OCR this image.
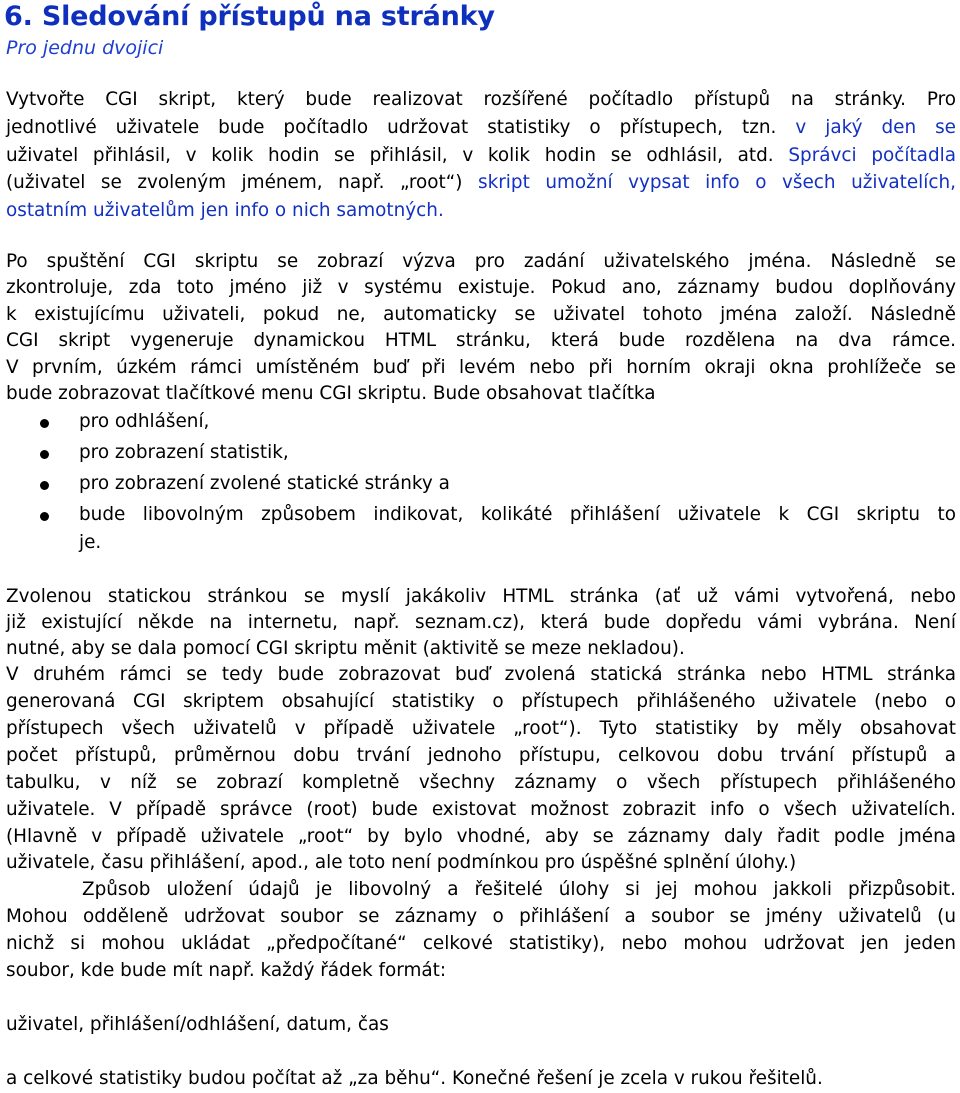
6. Sledování přístupů na stránky
Pro jednu dvojici
Vytvořte CGI skript, který bude realizovat rozšířené počítadlo přístupů na stránky. Pro
jednotlivé uživatele bude počítadlo udržovat statistiky o přístupech, tzn. v jaký den se
uživatel přihlásil, v kolik hodin se přihlásil, v kolik hodin se odhlásil, atd. Správci počítadla
(uživatel se zvoleným jménem, např. „root“) skript umožní vypsat info o všech uživatelích,
ostatním uživatelům jen info o nich samotných.
Po spuštění CGI skriptu se zobrazí výzva pro zadání uživatelského jména. Následně se
zkontroluje, zda toto jméno již v systému existuje. Pokud ano, záznamy budou doplňovány
k existujícímu uživateli, pokud ne, automaticky se uživatel tohoto jména založí. Následně
CGI skript vygeneruje dynamickou HTML stránku, která bude rozdělena na dva rámce.
V prvním, úzkém rámci umístěném buď při levém nebo při horním okraji okna prohlížeče se
bude zobrazovat tlačítkové menu CGI skriptu. Bude obsahovat tlačítka
pro odhlášení,
pro zobrazení statistik,
pro zobrazení zvolené statické stránky a
bude libovolným způsobem indikovat, kolikáté přihlášení uživatele k CGI skriptu to
je.
Zvolenou statickou stránkou se myslí jakákoliv HTML stránka (ať už vámi vytvořená, nebo
již existující někde na internetu, např. seznam.cz), která bude dopředu vámi vybrána. Není
nutné, aby se dala pomocí CGI skriptu měnit (aktivitě se meze nekladou).
V druhém rámci se tedy bude zobrazovat buď zvolená statická stránka nebo HTML stránka
generovaná CGI skriptem obsahující statistiky o přístupech přihlášeného uživatele (nebo o
přístupech všech uživatelů v případě uživatele „root“). Tyto statistiky by měly obsahovat
počet přístupů, průměrnou dobu trvání jednoho přístupu, celkovou dobu trvání přístupů a
tabulku, v níž se zobrazí kompletně všechny záznamy o všech přístupech přihlášeného
uživatele. V případě správce (root) bude existovat možnost zobrazit info o všech uživatelích.
(Hlavně v případě uživatele „root“ by bylo vhodné, aby se záznamy daly řadit podle jména
uživatele, času přihlášení, apod., ale toto není podmínkou pro úspěšné splnění úlohy.)
Způsob uložení údajů je libovolný a řešitelé úlohy si jej mohou jakkoli přizpůsobit.
Mohou odděleně udržovat soubor se záznamy o přihlášení a soubor se jmény uživatelů (u
nichž si mohou ukládat „předpočítané“ celkové statistiky), nebo mohou udržovat jen jeden
soubor, kde bude mít např. každý řádek formát:
uživatel, přihlášení/odhlášení, datum, čas
a celkové statistiky budou počítat až „za běhu“. Konečné řešení je zcela v rukou řešitelů.
